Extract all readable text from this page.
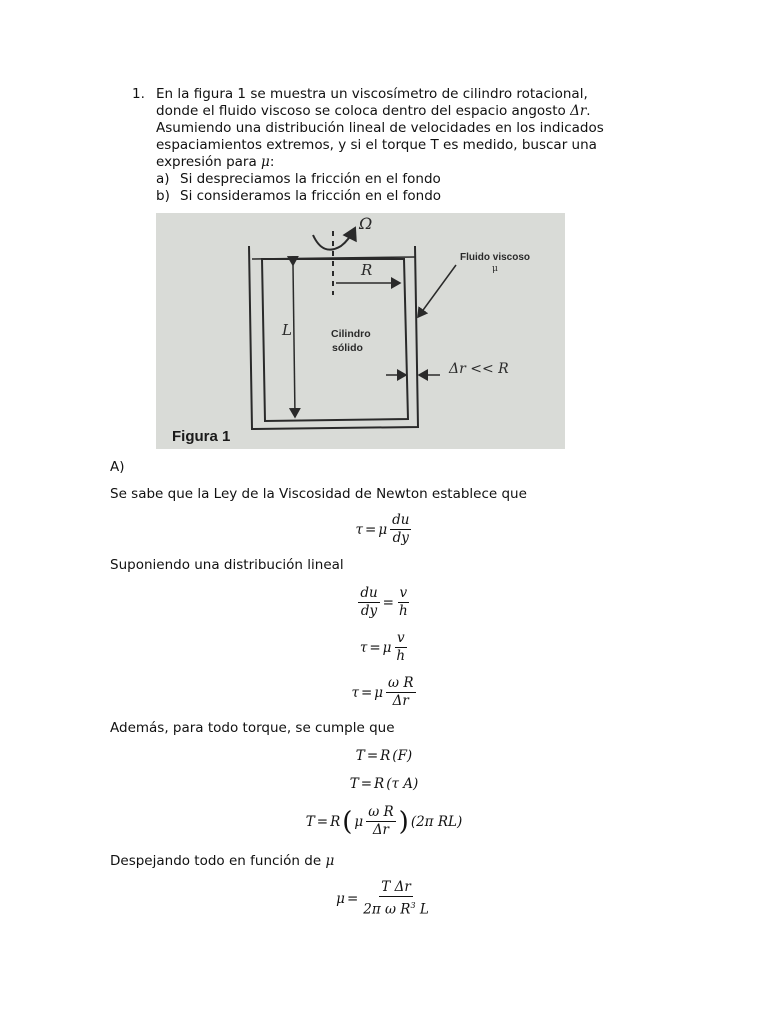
1. En la figura 1 se muestra un viscosímetro de cilindro rotacional,
donde el fluido viscoso se coloca dentro del espacio angosto Δr.
Asumiendo una distribución lineal de velocidades en los indicados
espaciamientos extremos, y si el torque T es medido, buscar una
expresión para μ:
a) Si despreciamos la fricción en el fondo
b) Si consideramos la fricción en el fondo
Ω
R
L	Cilindro
sólido
Fluido viscoso
μ
Δr << R
Figura 1
A)
Se sabe que la Ley de la Viscosidad de Newton establece que
τ = μ $\frac{du}{dy}$
Suponiendo una distribución lineal
$\frac{du}{dy} = \frac{v}{h}$
τ = μ $\frac{v}{h}$
τ = μ $\frac{\text{ω R}}{\Delta r}$
Además, para todo torque, se cumple que
T = R (F)
T = R (τ A)
T = R ( μ $\frac{\text{ω R}}{\Delta r}$ ) (2π RL)
Despejando todo en función de μ
$\mu = \frac{\text{T Δr}}{2\pi \omega R^3 L}$
